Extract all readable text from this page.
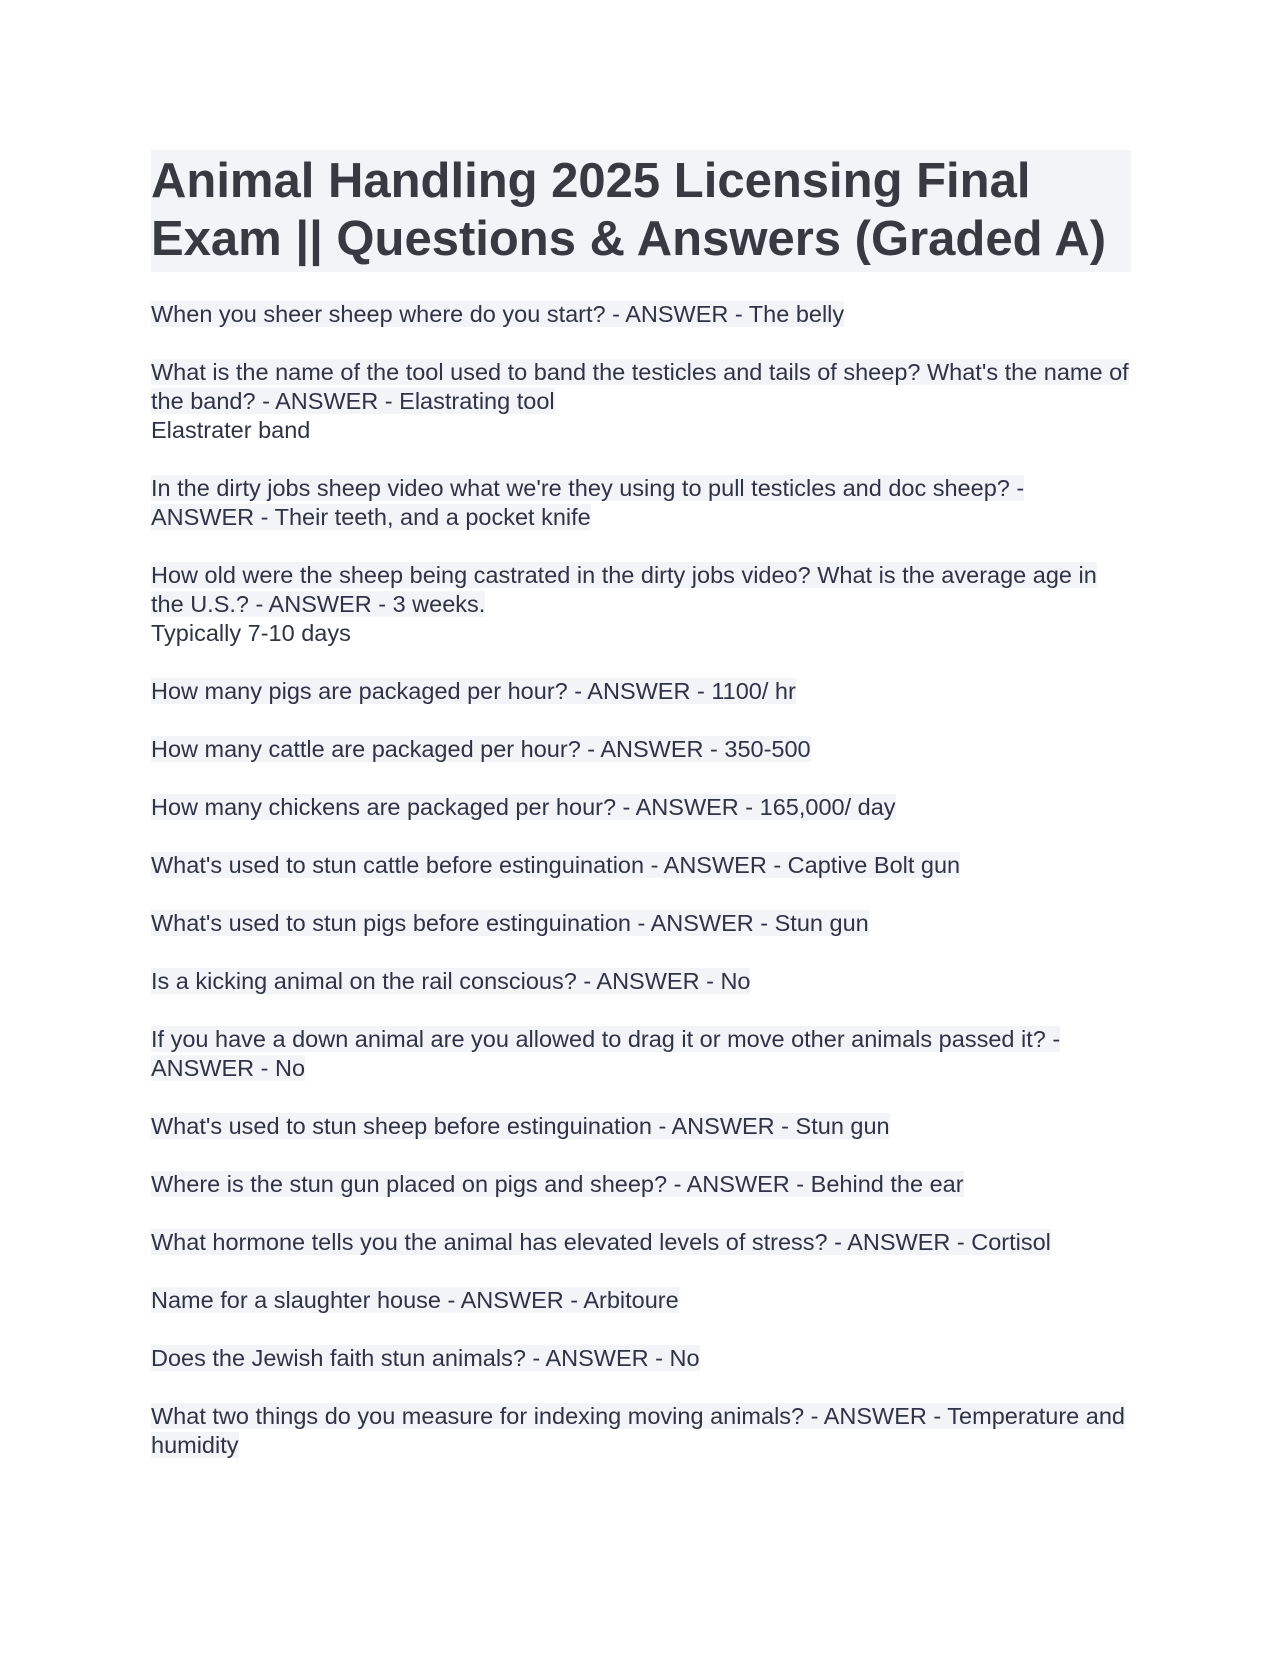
Animal Handling 2025 Licensing Final Exam || Questions & Answers (Graded A)
When you sheer sheep where do you start? - ANSWER - The belly
What is the name of the tool used to band the testicles and tails of sheep? What's the name of the band? - ANSWER - Elastrating tool
Elastrater band
In the dirty jobs sheep video what we're they using to pull testicles and doc sheep? - ANSWER - Their teeth, and a pocket knife
How old were the sheep being castrated in the dirty jobs video? What is the average age in the U.S.? - ANSWER - 3 weeks.
Typically 7-10 days
How many pigs are packaged per hour? - ANSWER - 1100/ hr
How many cattle are packaged per hour? - ANSWER - 350-500
How many chickens are packaged per hour? - ANSWER - 165,000/ day
What's used to stun cattle before estinguination - ANSWER - Captive Bolt gun
What's used to stun pigs before estinguination - ANSWER - Stun gun
Is a kicking animal on the rail conscious? - ANSWER - No
If you have a down animal are you allowed to drag it or move other animals passed it? - ANSWER - No
What's used to stun sheep before estinguination - ANSWER - Stun gun
Where is the stun gun placed on pigs and sheep? - ANSWER - Behind the ear
What hormone tells you the animal has elevated levels of stress? - ANSWER - Cortisol
Name for a slaughter house - ANSWER - Arbitoure
Does the Jewish faith stun animals? - ANSWER - No
What two things do you measure for indexing moving animals? - ANSWER - Temperature and humidity
